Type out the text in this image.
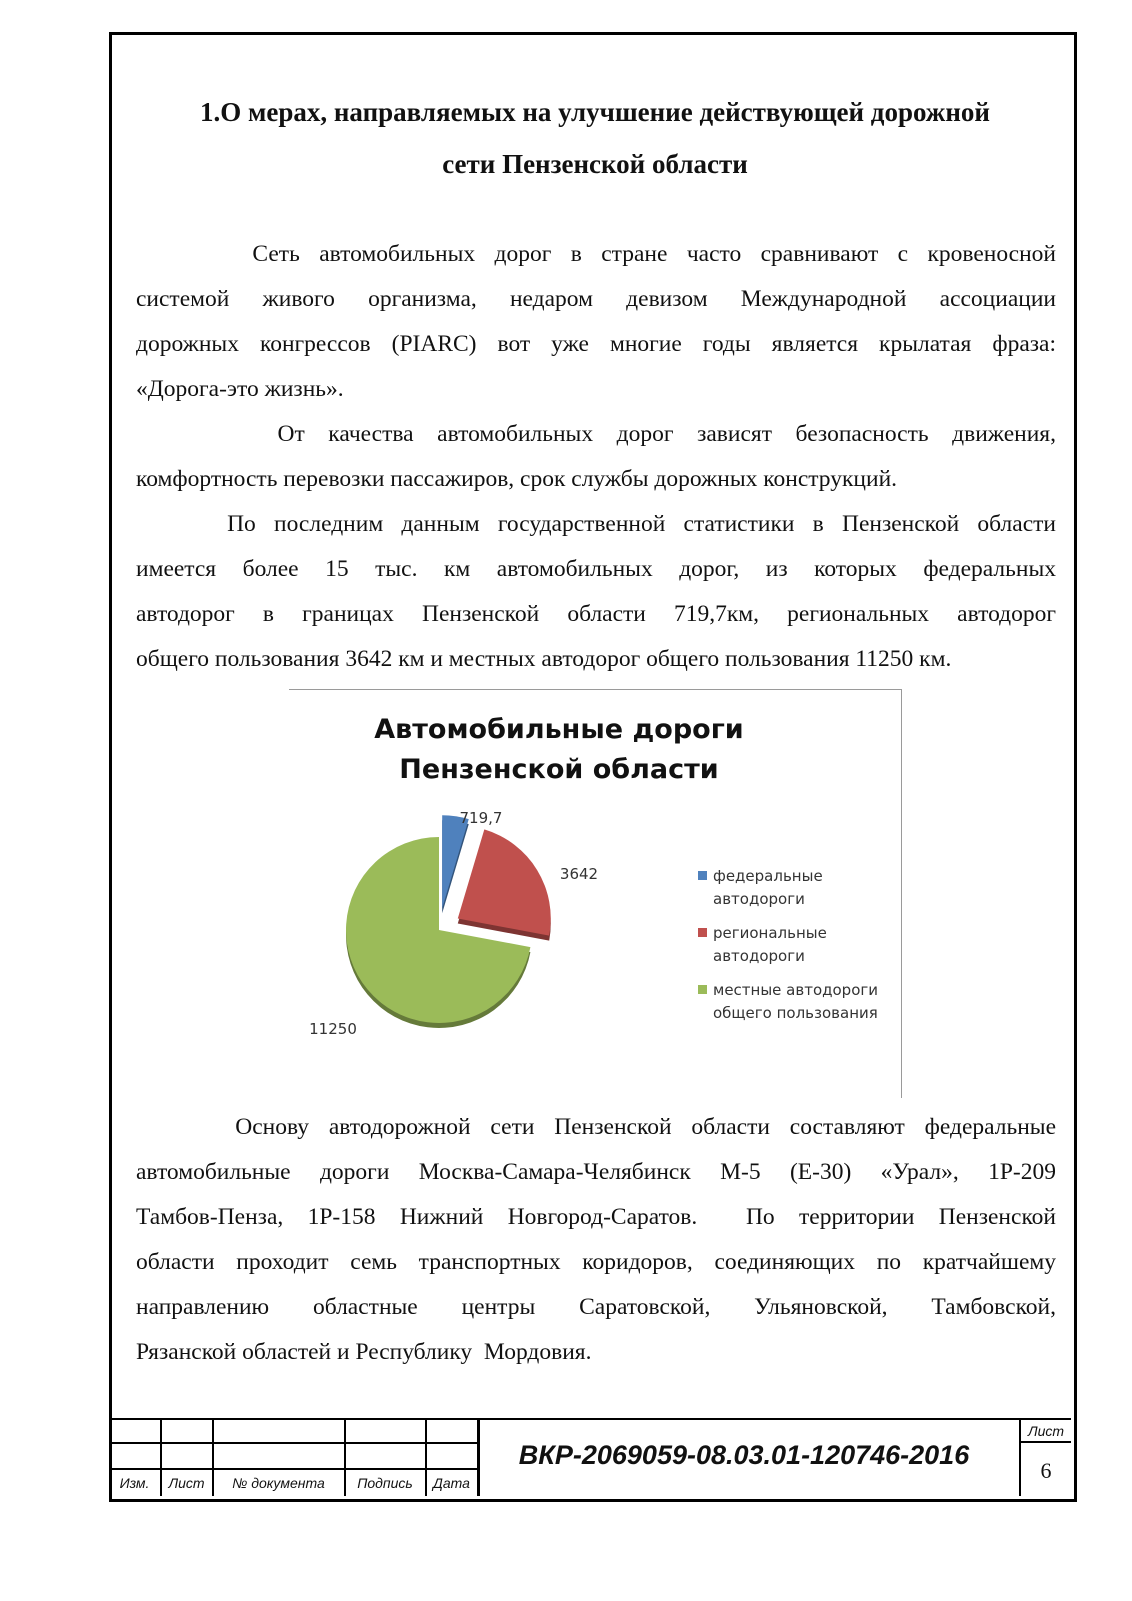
1.О мерах, направляемых на улучшение действующей дорожной
сети Пензенской области
Сеть автомобильных дорог в стране часто сравнивают с кровеносной
системой живого организма, недаром девизом Международной ассоциации
дорожных конгрессов (PIARC) вот уже многие годы является крылатая фраза:
«Дорога-это жизнь».
От качества автомобильных дорог зависят безопасность движения,
комфортность перевозки пассажиров, срок службы дорожных конструкций.
По последним данным государственной статистики в Пензенской области
имеется более 15 тыс. км автомобильных дорог, из которых федеральных
автодорог в границах Пензенской области 719,7км, региональных автодорог
общего пользования 3642 км и местных автодорог общего пользования 11250 км.
Автомобильные дороги
Пензенской области
719,7
3642
11250
федеральные
автодороги
региональные
автодороги
местные автодороги
общего пользования
Основу автодорожной сети Пензенской области составляют федеральные
автомобильные дороги Москва-Самара-Челябинск М-5 (Е-30) «Урал», 1Р-209
Тамбов-Пенза, 1Р-158 Нижний Новгород-Саратов.  По территории Пензенской
области проходит семь транспортных коридоров, соединяющих по кратчайшему
направлению областные центры Саратовской, Ульяновской, Тамбовской,
Рязанской областей и Республику  Мордовия.
Изм.	Лист	№ документа	Подпись	Дата
ВКР-2069059-08.03.01-120746-2016
Лист
6
